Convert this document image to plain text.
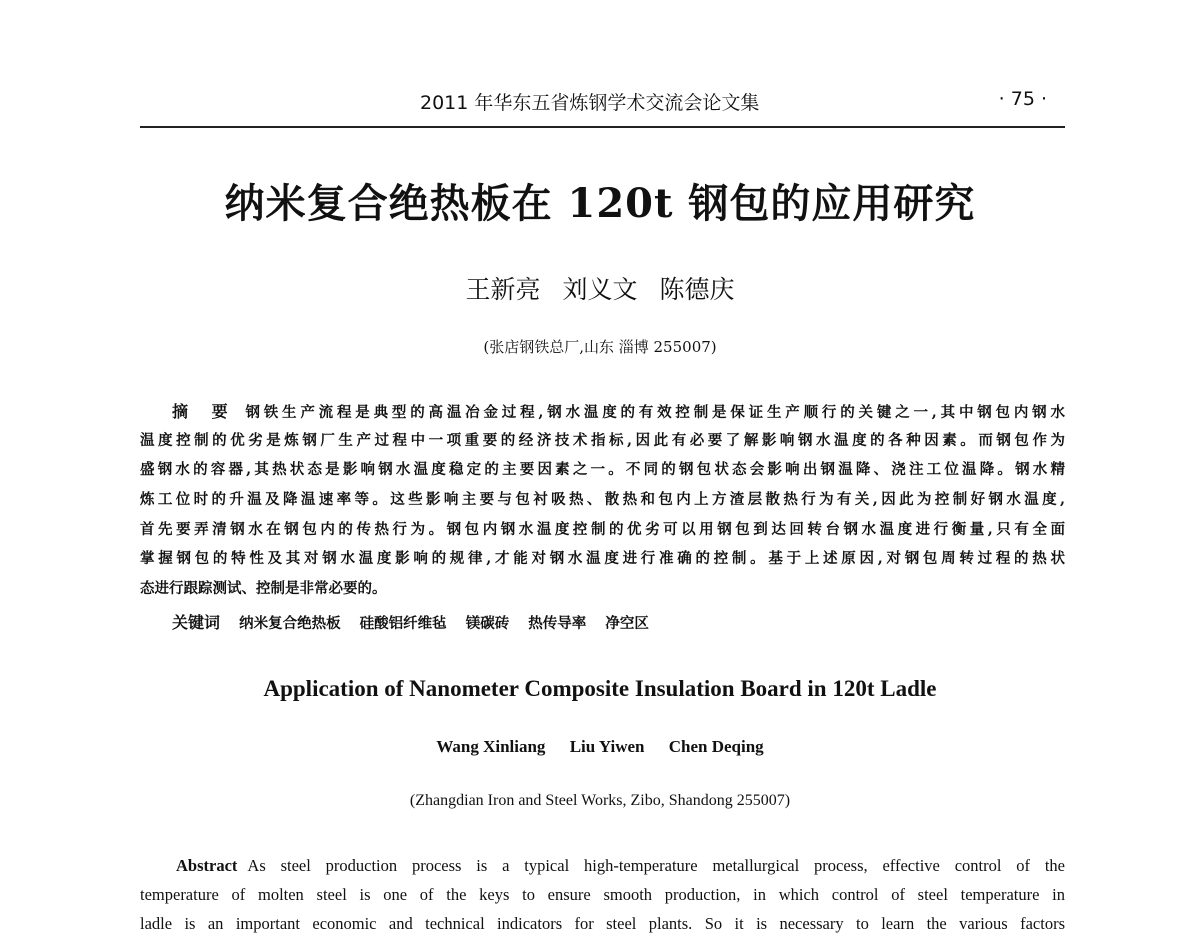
2011 年华东五省炼钢学术交流会论文集	· 75 ·
纳米复合绝热板在 120t 钢包的应用研究
王新亮 刘义文 陈德庆
(张店钢铁总厂,山东 淄博 255007)
摘　要 钢铁生产流程是典型的高温冶金过程,钢水温度的有效控制是保证生产顺行的关键之一,其中钢包内钢水
温度控制的优劣是炼钢厂生产过程中一项重要的经济技术指标,因此有必要了解影响钢水温度的各种因素。而钢包作为
盛钢水的容器,其热状态是影响钢水温度稳定的主要因素之一。不同的钢包状态会影响出钢温降、浇注工位温降。钢水精
炼工位时的升温及降温速率等。这些影响主要与包衬吸热、散热和包内上方渣层散热行为有关,因此为控制好钢水温度,
首先要弄清钢水在钢包内的传热行为。钢包内钢水温度控制的优劣可以用钢包到达回转台钢水温度进行衡量,只有全面
掌握钢包的特性及其对钢水温度影响的规律,才能对钢水温度进行准确的控制。基于上述原因,对钢包周转过程的热状
态进行跟踪测试、控制是非常必要的。
关键词 纳米复合绝热板 硅酸铝纤维毡 镁碳砖 热传导率 净空区
Application of Nanometer Composite Insulation Board in 120t Ladle
Wang Xinliang Liu Yiwen Chen Deqing
(Zhangdian Iron and Steel Works, Zibo, Shandong 255007)
Abstract As steel production process is a typical high-temperature metallurgical process, effective control of the
temperature of molten steel is one of the keys to ensure smooth production, in which control of steel temperature in
ladle is an important economic and technical indicators for steel plants. So it is necessary to learn the various factors
